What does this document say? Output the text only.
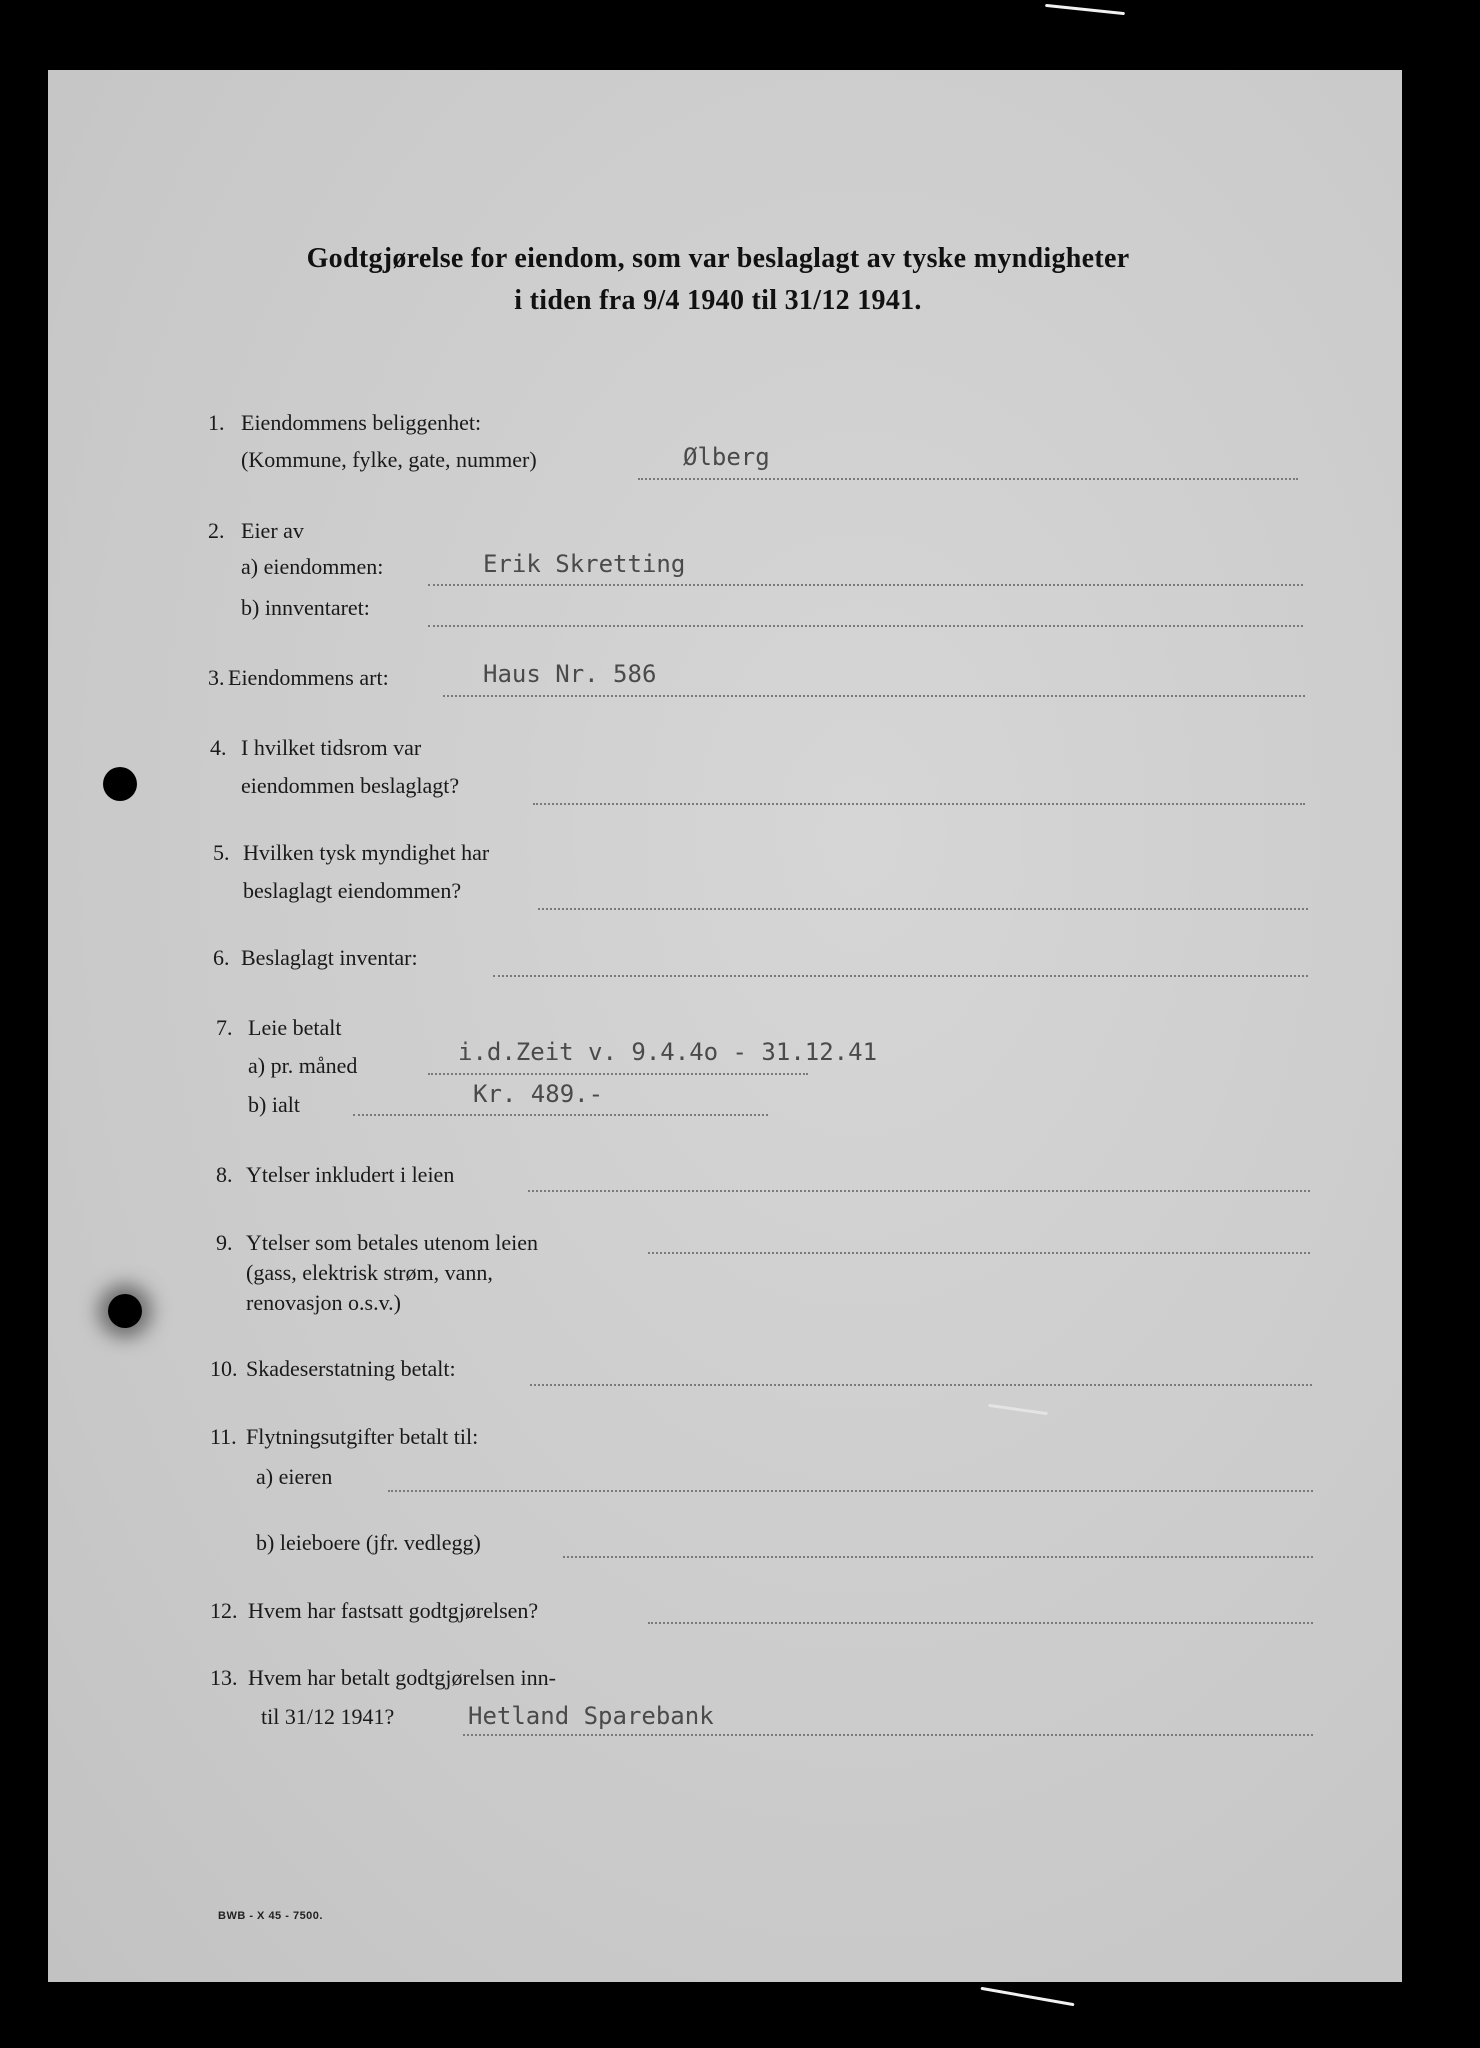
Godtgjørelse for eiendom, som var beslaglagt av tyske myndigheter
i tiden fra 9/4 1940 til 31/12 1941.
1. Eiendommens beliggenhet:
(Kommune, fylke, gate, nummer)	Ølberg
2. Eier av
a) eiendommen:	Erik Skretting
b) innventaret:
3. Eiendommens art:	Haus Nr. 586
4. I hvilket tidsrom var
eiendommen beslaglagt?
5. Hvilken tysk myndighet har
beslaglagt eiendommen?
6. Beslaglagt inventar:
7. Leie betalt
a) pr. måned	i.d.Zeit v. 9.4.4o - 31.12.41
b) ialt	Kr. 489.-
8. Ytelser inkludert i leien
9. Ytelser som betales utenom leien
(gass, elektrisk strøm, vann,
renovasjon o.s.v.)
10. Skadeserstatning betalt:
11. Flytningsutgifter betalt til:
a) eieren
b) leieboere (jfr. vedlegg)
12. Hvem har fastsatt godtgjørelsen?
13. Hvem har betalt godtgjørelsen inn-
til 31/12 1941?	Hetland Sparebank
BWB - X 45 - 7500.
